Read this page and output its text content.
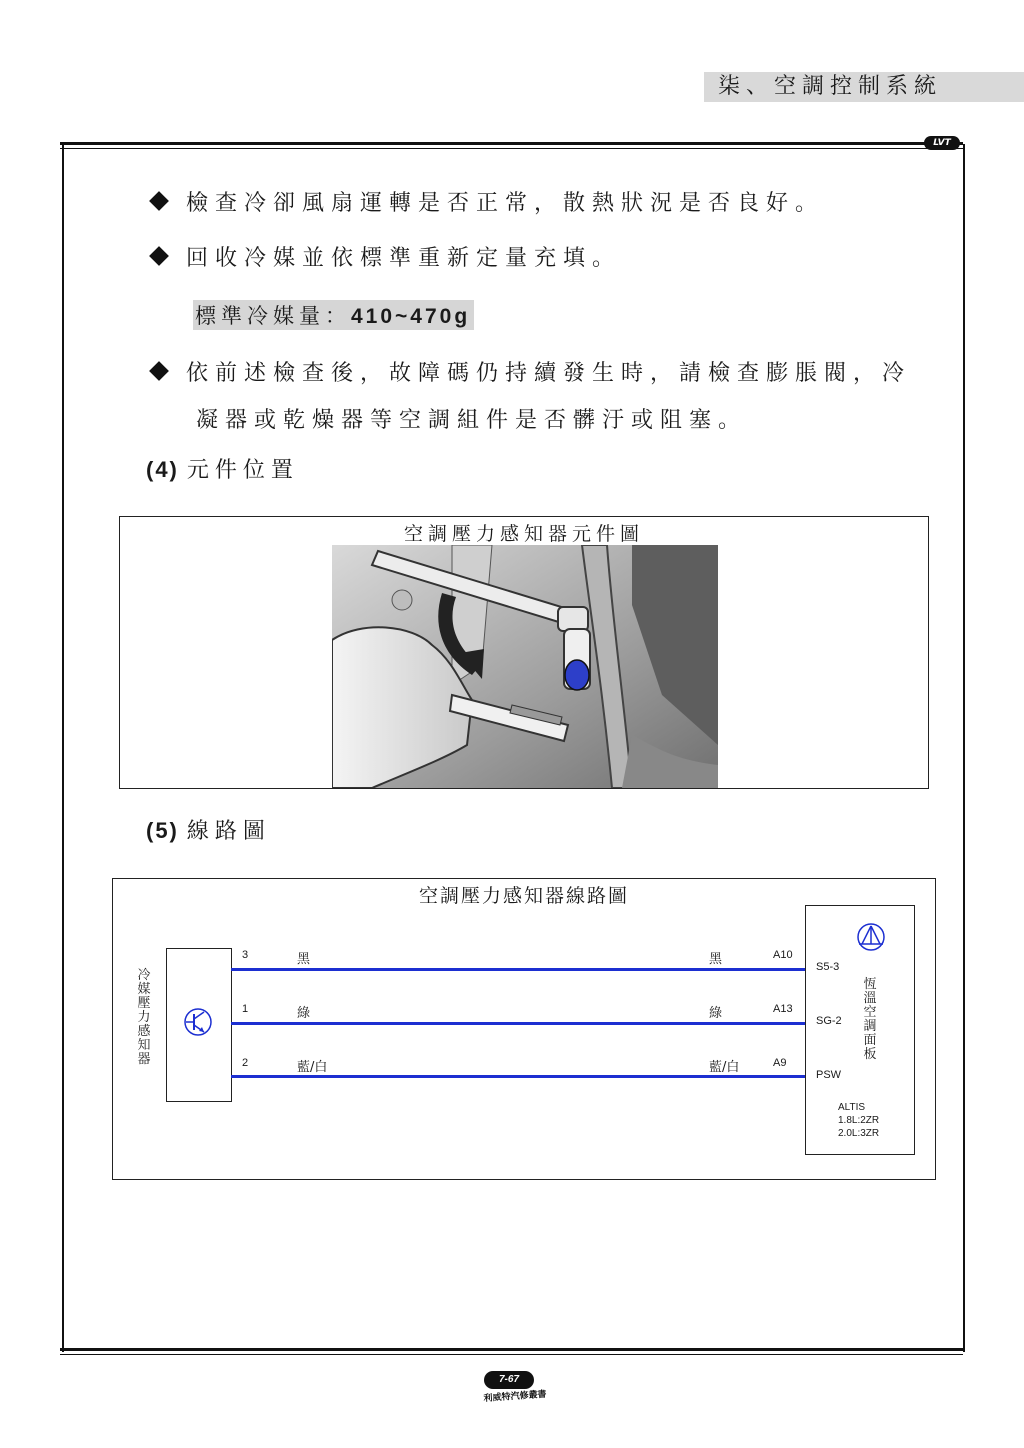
柒、空調控制系統
LVT
檢查冷卻風扇運轉是否正常，散熱狀況是否良好。
回收冷媒並依標準重新定量充填。
標準冷媒量：410~470g
依前述檢查後，故障碼仍持續發生時，請檢查膨脹閥，冷
凝器或乾燥器等空調組件是否髒汙或阻塞。
(4) 元件位置
空調壓力感知器元件圖
(5) 線路圖
空調壓力感知器線路圖
冷媒壓力感知器
3	黑	黑	A10
1	綠	綠	A13
2	藍/白	藍/白	A9
S5-3
SG-2
PSW
恆溫空調面板
ALTIS
1.8L:2ZR
2.0L:3ZR
7-67
利威特汽修叢書
